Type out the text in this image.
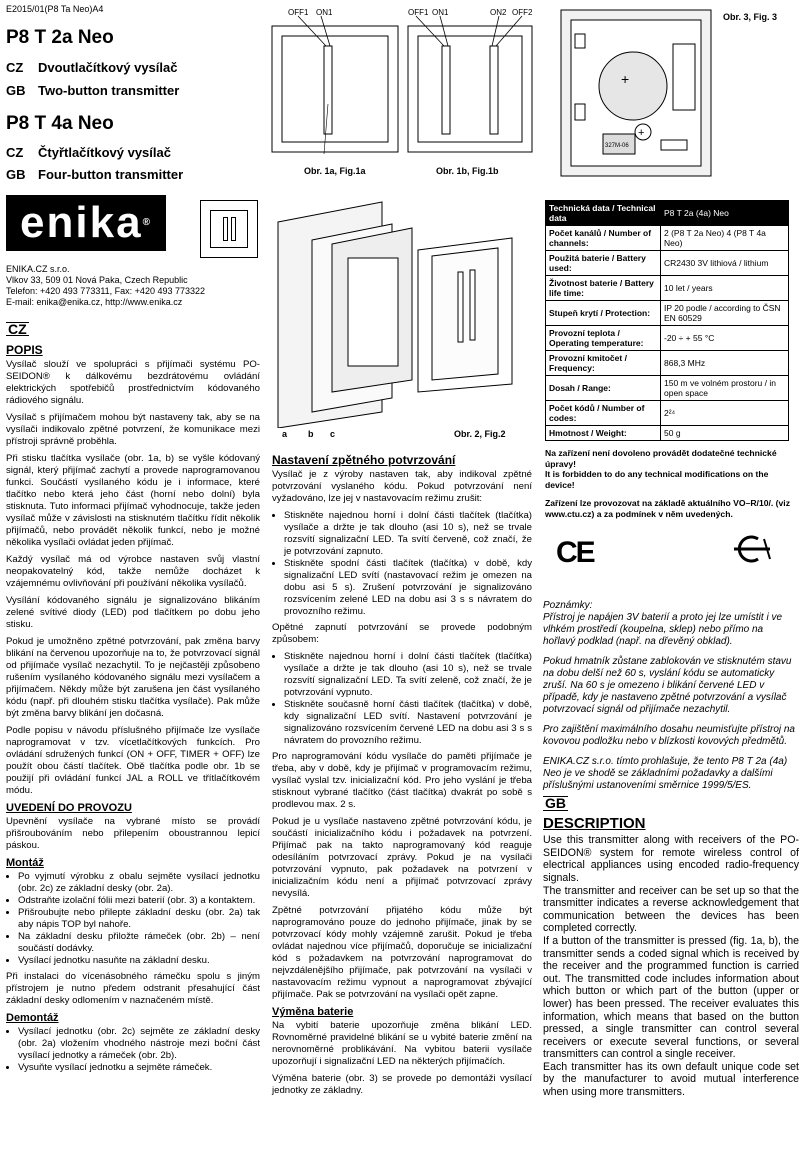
E2015/01(P8 Ta Neo)A4
P8 T 2a Neo
CZ Dvoutlačítkový vysílač
GB Two-button transmitter
P8 T 4a Neo
CZ Čtyřtlačítkový vysílač
GB Four-button transmitter
OFF1 ON1
Obr. 1a, Fig.1a
OFF1 ON1	ON2 OFF2
Obr. 1b, Fig.1b
+
+
327M-06
Obr. 3, Fig. 3
enika®
ENIKA.CZ s.r.o.
Vlkov 33, 509 01 Nová Paka, Czech Republic
Telefon: +420 493 773311, Fax: +420 493 773322
E-mail: enika@enika.cz, http://www.enika.cz
a b c	Obr. 2, Fig.2
CZ
POPIS

Vysílač slouží ve spolupráci s přijímači systému PO-SEIDON® k dálkovému bezdrátovému ovládání elektrických spotřebičů prostřednictvím kódovaného rádiového signálu.

Vysílač s přijímačem mohou být nastaveny tak, aby se na vysílači indikovalo zpětné potvrzení, že komunikace mezi přístroji správně proběhla.

Při stisku tlačítka vysílače (obr. 1a, b) se vyšle kódovaný signál, který přijímač zachytí a provede naprogramovanou funkci. Součástí vysílaného kódu je i informace, které tlačítko nebo která jeho část (horní nebo dolní) byla stisknuta. Tuto informaci přijímač vyhodnocuje, takže jeden vysílač může v závislosti na stisknutém tlačítku řídit několik přijímačů, nebo provádět několik funkcí, nebo je možné několika vysílači ovládat jeden přijímač.

Každý vysílač má od výrobce nastaven svůj vlastní neopakovatelný kód, takže nemůže docházet k vzájemnému ovlivňování při používání několika vysílačů.

Vysílání kódovaného signálu je signalizováno blikáním zelené svítivé diody (LED) pod tlačítkem po dobu jeho stisku.

Pokud je umožněno zpětné potvrzování, pak změna barvy blikání na červenou upozorňuje na to, že potvrzovací signál od přijímače vysílač nezachytil. To je nejčastěji způsobeno rušením vysílaného kódovaného signálu mezi vysílačem a přijímačem. Někdy může být zarušena jen část vysílaného kódu (např. při dlouhém stisku tlačítka vysílače). Pak může být změna barvy blikání jen dočasná.

Podle popisu v návodu příslušného přijímače lze vysílače naprogramovat v tzv. vícetlačítkových funkcích. Pro ovládání sdružených funkcí (ON + OFF, TIMER + OFF) lze použít obou částí tlačítek. Obě tlačítka podle obr. 1b se použijí při ovládání funkcí JAL a ROLL ve třítlačítkovém módu.

UVEDENÍ DO PROVOZU

Upevnění vysílače na vybrané místo se provádí přišroubováním nebo přilepením oboustrannou lepicí páskou.

Montáž
• Po vyjmutí výrobku z obalu sejměte vysílací jednotku (obr. 2c) ze základní desky (obr. 2a).
• Odstraňte izolační fólii mezi baterií (obr. 3) a kontaktem.
• Přišroubujte nebo přilepte základní desku (obr. 2a) tak aby nápis TOP byl nahoře.
• Na základní desku přiložte rámeček (obr. 2b) – není součástí dodávky.
• Vysílací jednotku nasuňte na základní desku.

Při instalaci do vícenásobného rámečku spolu s jiným přístrojem je nutno předem odstranit přesahující část základní desky odlomením v naznačeném místě.

Demontáž
• Vysílací jednotku (obr. 2c) sejměte ze základní desky (obr. 2a) vložením vhodného nástroje mezi boční část vysílací jednotky a rámeček (obr. 2b).
• Vysuňte vysílací jednotku a sejměte rámeček.
Nastavení zpětného potvrzování

Vysílač je z výroby nastaven tak, aby indikoval zpětné potvrzování vyslaného kódu. Pokud potvrzování není vyžadováno, lze jej v nastavovacím režimu zrušit:

• Stiskněte najednou horní i dolní části tlačítek (tlačítka) vysílače a držte je tak dlouho (asi 10 s), než se trvale rozsvítí signalizační LED. Ta svítí červeně, což značí, že je potvrzování zapnuto.
• Stiskněte spodní části tlačítek (tlačítka) v době, kdy signalizační LED svítí (nastavovací režim je omezen na dobu asi 5 s). Zrušení potvrzování je signalizováno rozsvícením zelené LED na dobu asi 3 s s návratem do provozního režimu.

Opětné zapnutí potvrzování se provede podobným způsobem:

• Stiskněte najednou horní i dolní části tlačítek (tlačítka) vysílače a držte je tak dlouho (asi 10 s), než se trvale rozsvítí signalizační LED. Ta svítí zeleně, což značí, že je potvrzování vypnuto.
• Stiskněte současně horní části tlačítek (tlačítka) v době, kdy signalizační LED svítí. Nastavení potvrzování je signalizováno rozsvícením červené LED na dobu asi 3 s s návratem do provozního režimu.

Pro naprogramování kódu vysílače do paměti přijímače je třeba, aby v době, kdy je přijímač v programovacím režimu, vysílač vyslal tzv. inicializační kód. Pro jeho vyslání je třeba stisknout vybrané tlačítko (část tlačítka) dvakrát po sobě s prodlevou max. 2 s.

Pokud je u vysílače nastaveno zpětné potvrzování kódu, je součástí inicializačního kódu i požadavek na potvrzení. Přijímač pak na takto naprogramovaný kód reaguje odesíláním potvrzovací zprávy. Pokud je na vysílači potvrzování vypnuto, pak požadavek na potvrzení v inicializačním kódu není a přijímač potvrzovací zprávy nevysílá.

Zpětné potvrzování přijatého kódu může být naprogramováno pouze do jednoho přijímače, jinak by se potvrzovací kódy mohly vzájemně zarušit. Pokud je třeba ovládat najednou více přijímačů, doporučuje se inicializační kód s požadavkem na potvrzování naprogramovat do nejvzdálenějšího přijímače, pak potvrzování na vysílači v nastavovacím režimu vypnout a naprogramovat zbývající přijímače. Pak se potvrzování na vysílači opět zapne.

Výměna baterie

Na vybití baterie upozorňuje změna blikání LED. Rovnoměrné pravidelné blikání se u vybité baterie změní na nerovnoměrné problikávání. Na vybitou baterii vysílače upozorňují i signalizační LED na některých přijímačích.

Výměna baterie (obr. 3) se provede po demontáži vysílací jednotky ze základny.

Technická data / Technical data	P8 T 2a (4a) Neo
Počet kanálů / Number of channels:	2 (P8 T 2a Neo) 4 (P8 T 4a Neo)
Použitá baterie / Battery used:	CR2430 3V lithiová / lithium
Životnost baterie / Battery life time:	10 let / years
Stupeň krytí / Protection:	IP 20 podle / according to ČSN EN 60529
Provozní teplota / Operating temperature:	-20 ÷ + 55 °C
Provozní kmitočet / Frequency:	868,3 MHz
Dosah / Range:	150 m ve volném prostoru / in open space
Počet kódů / Number of codes:	2²⁴
Hmotnost / Weight:	50 g
Na zařízení není dovoleno provádět dodatečné technické úpravy!
It is forbidden to do any technical modifications on the device!
Zařízení lze provozovat na základě aktuálního VO–R/10/. (viz www.ctu.cz) a za podmínek v něm uvedených.
CE
Poznámky:

Přístroj je napájen 3V baterií a proto jej lze umístit i ve vlhkém prostředí (koupelna, sklep) nebo přímo na hořlavý podklad (např. na dřevěný obklad).

Pokud hmatník zůstane zablokován ve stisknutém stavu na dobu delší než 60 s, vyslání kódu se automaticky zruší. Na 60 s je omezeno i blikání červené LED v případě, kdy je nastaveno zpětné potvrzování a vysílač potvrzovací signál od přijímače nezachytil.

Pro zajištění maximálního dosahu neumisťujte přístroj na kovovou podložku nebo v blízkosti kovových předmětů.

ENIKA.CZ s.r.o. tímto prohlašuje, že tento P8 T 2a (4a) Neo je ve shodě se základními požadavky a dalšími příslušnými ustanoveními směrnice 1999/5/ES.

GB
DESCRIPTION

Use this transmitter along with receivers of the PO-SEIDON® system for remote wireless control of electrical appliances using encoded radio-frequency signals.

The transmitter and receiver can be set up so that the transmitter indicates a reverse acknowledgement that communication between the devices has been completed correctly.

If a button of the transmitter is pressed (fig. 1a, b), the transmitter sends a coded signal which is received by the receiver and the programmed function is carried out. The transmitted code includes information about which button or which part of the button (upper or lower) has been pressed. The receiver evaluates this information, which means that based on the button pressed, a single transmitter can control several receivers or execute several functions, or several transmitters can control a single receiver.

Each transmitter has its own default unique code set by the manufacturer to avoid mutual interference when using more transmitters.
